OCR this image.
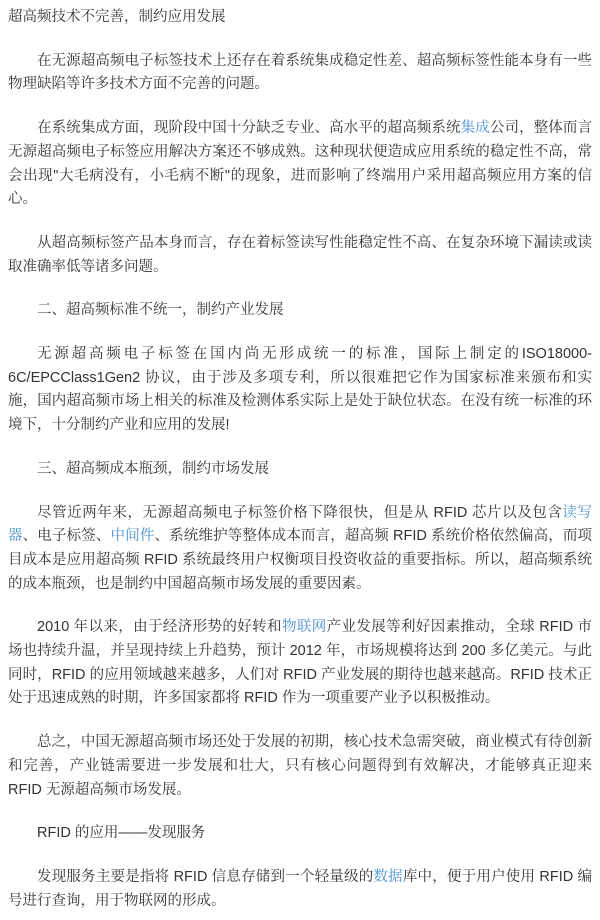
超高频技术不完善，制约应用发展

在无源超高频电子标签技术上还存在着系统集成稳定性差、超高频标签性能本身有一些物理缺陷等许多技术方面不完善的问题。

在系统集成方面，现阶段中国十分缺乏专业、高水平的超高频系统集成公司，整体而言无源超高频电子标签应用解决方案还不够成熟。这种现状便造成应用系统的稳定性不高，常会出现"大毛病没有，小毛病不断"的现象，进而影响了终端用户采用超高频应用方案的信心。

从超高频标签产品本身而言，存在着标签读写性能稳定性不高、在复杂环境下漏读或读取准确率低等诸多问题。

二、超高频标准不统一，制约产业发展

无源超高频电子标签在国内尚无形成统一的标准，国际上制定的ISO18000-6C/EPCClass1Gen2 协议，由于涉及多项专利，所以很难把它作为国家标准来颁布和实施，国内超高频市场上相关的标准及检测体系实际上是处于缺位状态。在没有统一标准的环境下，十分制约产业和应用的发展!

三、超高频成本瓶颈，制约市场发展

尽管近两年来，无源超高频电子标签价格下降很快，但是从 RFID 芯片以及包含读写器、电子标签、中间件、系统维护等整体成本而言，超高频 RFID 系统价格依然偏高，而项目成本是应用超高频 RFID 系统最终用户权衡项目投资收益的重要指标。所以，超高频系统的成本瓶颈，也是制约中国超高频市场发展的重要因素。

2010 年以来，由于经济形势的好转和物联网产业发展等利好因素推动，全球 RFID 市场也持续升温，并呈现持续上升趋势，预计 2012 年，市场规模将达到 200 多亿美元。与此同时，RFID 的应用领域越来越多，人们对 RFID 产业发展的期待也越来越高。RFID 技术正处于迅速成熟的时期，许多国家都将 RFID 作为一项重要产业予以积极推动。

总之，中国无源超高频市场还处于发展的初期，核心技术急需突破，商业模式有待创新和完善，产业链需要进一步发展和壮大，只有核心问题得到有效解决，才能够真正迎来 RFID 无源超高频市场发展。

RFID 的应用——发现服务

发现服务主要是指将 RFID 信息存储到一个轻量级的数据库中，便于用户使用 RFID 编号进行查询，用于物联网的形成。
